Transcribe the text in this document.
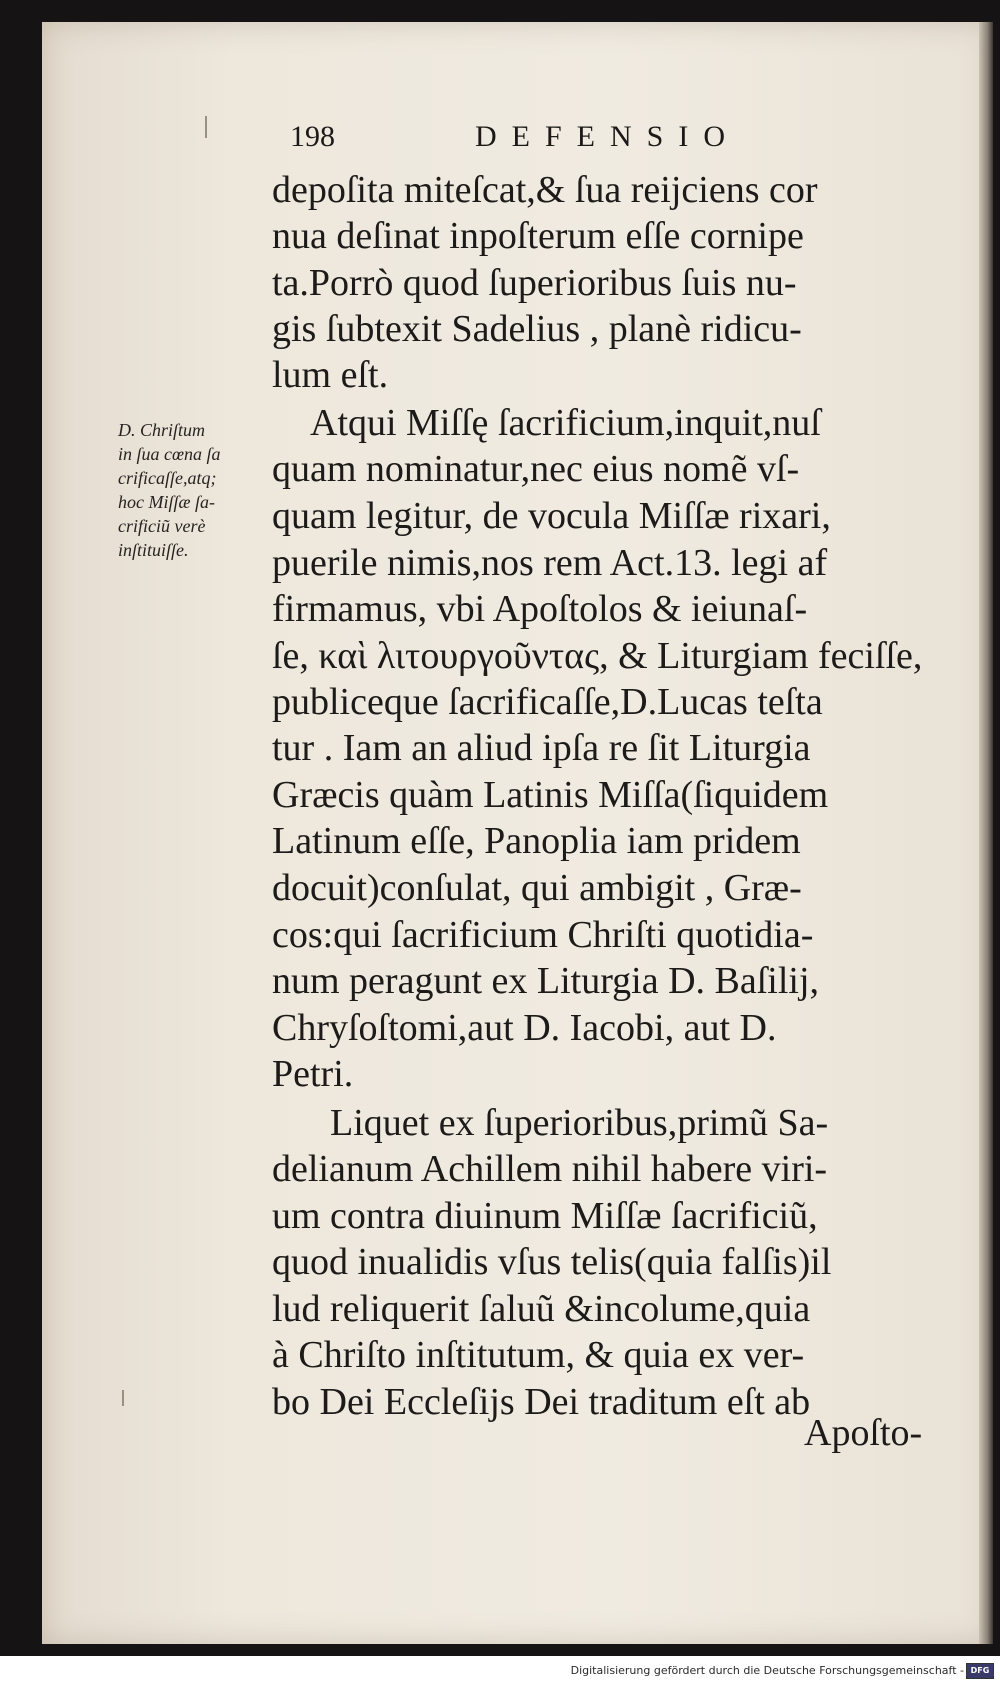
198	DEFENSIO
depoſita miteſcat,& ſua reijciens cor
nua deſinat inpoſterum eſſe cornipe
ta.Porrò quod ſuperioribus ſuis nu-
gis ſubtexit Sadelius , planè ridicu-
lum eſt.
Atqui Miſſę ſacrificium,inquit,nuſ
quam nominatur,nec eius nomẽ vſ-
quam legitur, de vocula Miſſæ rixari,
puerile nimis,nos rem Act.13. legi af
firmamus, vbi Apoſtolos & ieiunaſ-
ſe, καὶ λιτουργοῦντας, & Liturgiam feciſſe,
publiceque ſacrificaſſe,D.Lucas teſta
tur . Iam an aliud ipſa re ſit Liturgia
Græcis quàm Latinis Miſſa(ſiquidem
Latinum eſſe, Panoplia iam pridem
docuit)conſulat, qui ambigit , Græ-
cos:qui ſacrificium Chriſti quotidia-
num peragunt ex Liturgia D. Baſilij,
Chryſoſtomi,aut D. Iacobi, aut D.
Petri.
Liquet ex ſuperioribus,primũ Sa-
delianum Achillem nihil habere viri-
um contra diuinum Miſſæ ſacrificiũ,
quod inualidis vſus telis(quia falſis)il
lud reliquerit ſaluũ &incolume,quia
à Chriſto inſtitutum, & quia ex ver-
bo Dei Eccleſijs Dei traditum eſt ab
Apoſto-
D. Chriſtum
in ſua cœna ſa
crificaſſe,atq;
hoc Miſſæ ſa-
crificiũ verè
inſtituiſſe.
Digitalisierung gefördert durch die Deutsche Forschungsgemeinschaft - DFG
